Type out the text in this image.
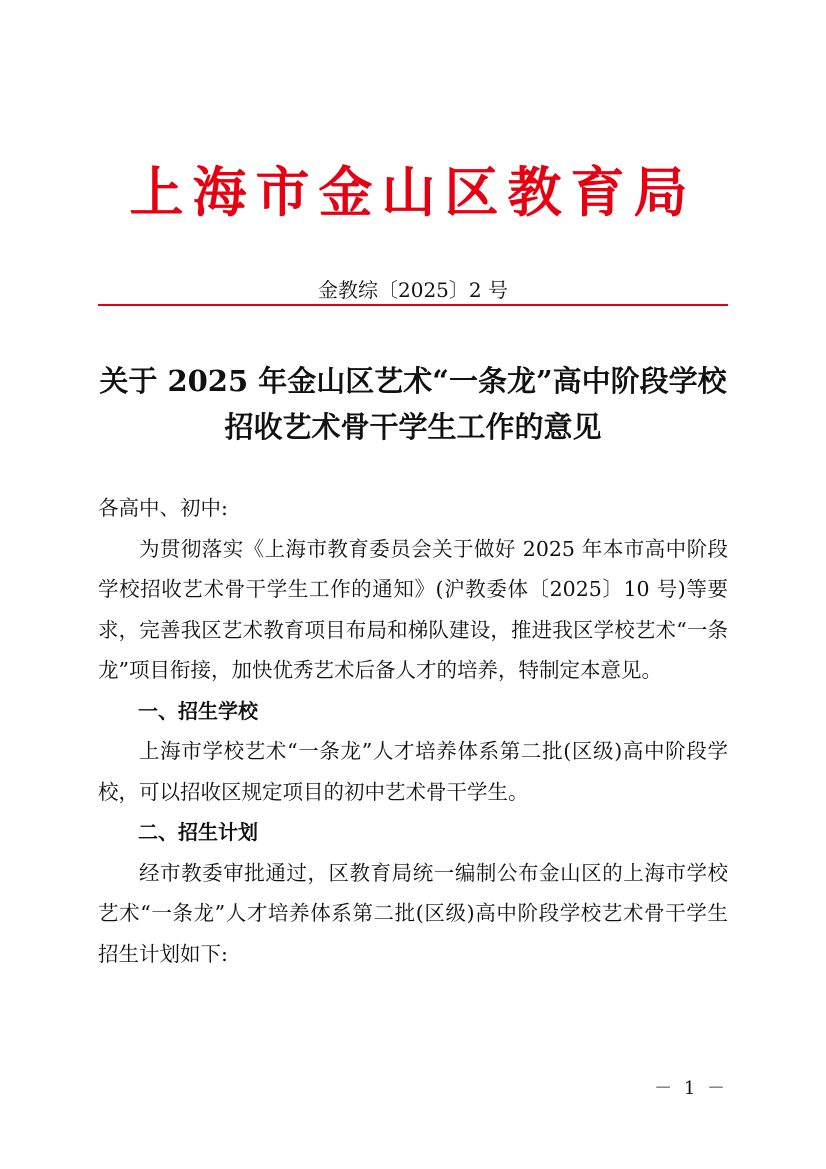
上海市金山区教育局
金教综〔2025〕2 号
关于 2025 年金山区艺术“一条龙”高中阶段学校
招收艺术骨干学生工作的意见

各高中、初中:

为贯彻落实《上海市教育委员会关于做好 2025 年本市高中阶段学校招收艺术骨干学生工作的通知》(沪教委体〔2025〕10 号)等要求，完善我区艺术教育项目布局和梯队建设，推进我区学校艺术“一条龙”项目衔接，加快优秀艺术后备人才的培养，特制定本意见。

一、招生学校

上海市学校艺术“一条龙”人才培养体系第二批(区级)高中阶段学校，可以招收区规定项目的初中艺术骨干学生。

二、招生计划

经市教委审批通过，区教育局统一编制公布金山区的上海市学校艺术“一条龙”人才培养体系第二批(区级)高中阶段学校艺术骨干学生招生计划如下:

－ 1 －
